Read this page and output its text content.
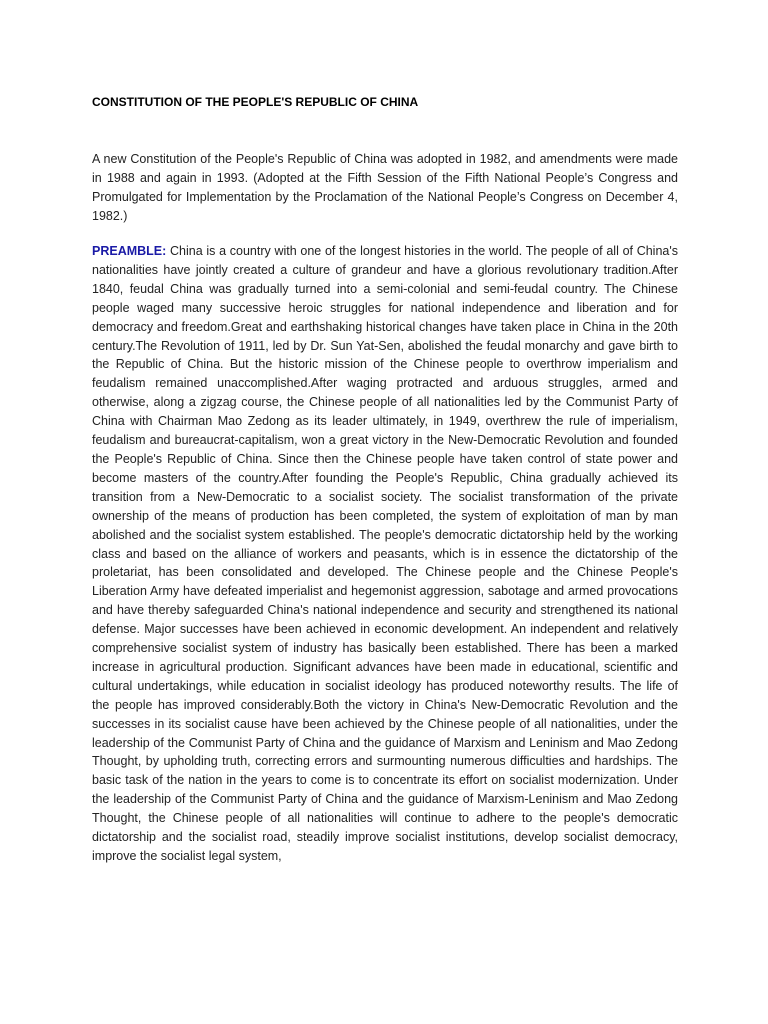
CONSTITUTION OF THE PEOPLE'S REPUBLIC OF CHINA

A new Constitution of the People's Republic of China was adopted in 1982, and amendments were made in 1988 and again in 1993. (Adopted at the Fifth Session of the Fifth National People’s Congress and Promulgated for Implementation by the Proclamation of the National People’s Congress on December 4, 1982.)

PREAMBLE: China is a country with one of the longest histories in the world. The people of all of China's nationalities have jointly created a culture of grandeur and have a glorious revolutionary tradition.After 1840, feudal China was gradually turned into a semi-colonial and semi-feudal country. The Chinese people waged many successive heroic struggles for national independence and liberation and for democracy and freedom.Great and earthshaking historical changes have taken place in China in the 20th century.The Revolution of 1911, led by Dr. Sun Yat-Sen, abolished the feudal monarchy and gave birth to the Republic of China. But the historic mission of the Chinese people to overthrow imperialism and feudalism remained unaccomplished.After waging protracted and arduous struggles, armed and otherwise, along a zigzag course, the Chinese people of all nationalities led by the Communist Party of China with Chairman Mao Zedong as its leader ultimately, in 1949, overthrew the rule of imperialism, feudalism and bureaucrat-capitalism, won a great victory in the New-Democratic Revolution and founded the People's Republic of China. Since then the Chinese people have taken control of state power and become masters of the country.After founding the People's Republic, China gradually achieved its transition from a New-Democratic to a socialist society. The socialist transformation of the private ownership of the means of production has been completed, the system of exploitation of man by man abolished and the socialist system established. The people's democratic dictatorship held by the working class and based on the alliance of workers and peasants, which is in essence the dictatorship of the proletariat, has been consolidated and developed. The Chinese people and the Chinese People's Liberation Army have defeated imperialist and hegemonist aggression, sabotage and armed provocations and have thereby safeguarded China's national independence and security and strengthened its national defense. Major successes have been achieved in economic development. An independent and relatively comprehensive socialist system of industry has basically been established. There has been a marked increase in agricultural production. Significant advances have been made in educational, scientific and cultural undertakings, while education in socialist ideology has produced noteworthy results. The life of the people has improved considerably.Both the victory in China's New-Democratic Revolution and the successes in its socialist cause have been achieved by the Chinese people of all nationalities, under the leadership of the Communist Party of China and the guidance of Marxism and Leninism and Mao Zedong Thought, by upholding truth, correcting errors and surmounting numerous difficulties and hardships. The basic task of the nation in the years to come is to concentrate its effort on socialist modernization. Under the leadership of the Communist Party of China and the guidance of Marxism-Leninism and Mao Zedong Thought, the Chinese people of all nationalities will continue to adhere to the people's democratic dictatorship and the socialist road, steadily improve socialist institutions, develop socialist democracy, improve the socialist legal system,
